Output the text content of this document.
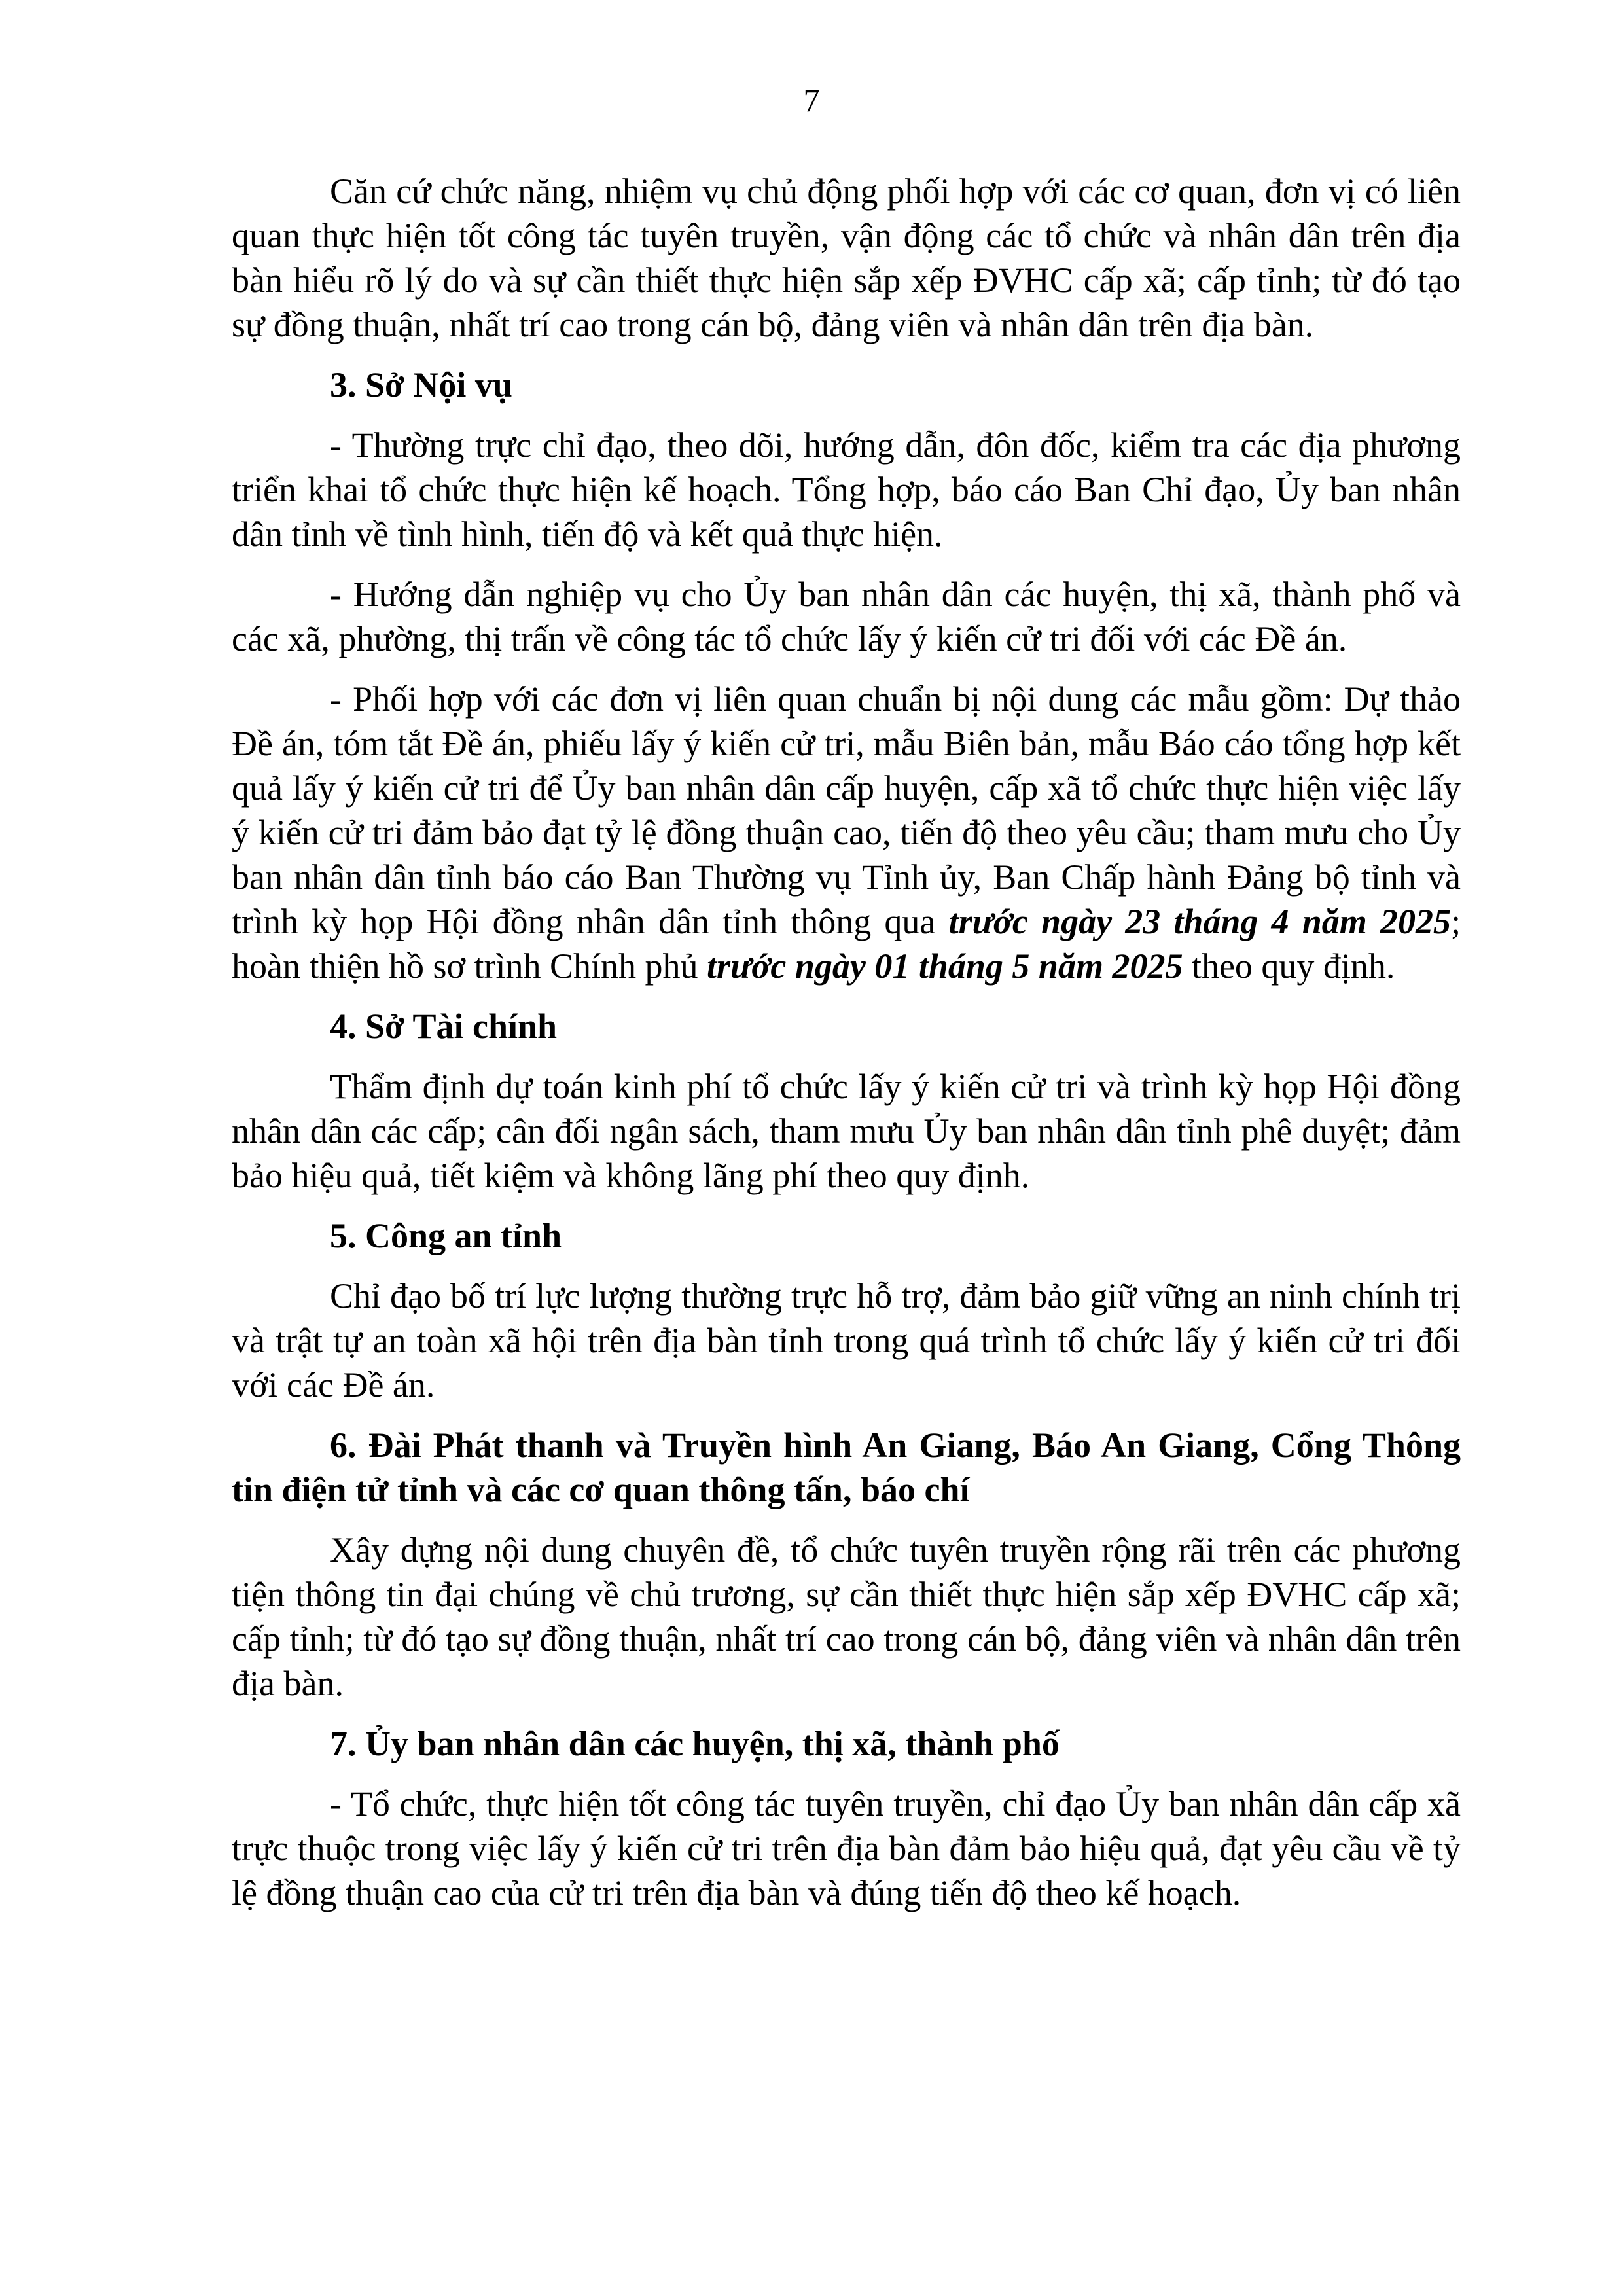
7

Căn cứ chức năng, nhiệm vụ chủ động phối hợp với các cơ quan, đơn vị có liên quan thực hiện tốt công tác tuyên truyền, vận động các tổ chức và nhân dân trên địa bàn hiểu rõ lý do và sự cần thiết thực hiện sắp xếp ĐVHC cấp xã; cấp tỉnh; từ đó tạo sự đồng thuận, nhất trí cao trong cán bộ, đảng viên và nhân dân trên địa bàn.

3. Sở Nội vụ

- Thường trực chỉ đạo, theo dõi, hướng dẫn, đôn đốc, kiểm tra các địa phương triển khai tổ chức thực hiện kế hoạch. Tổng hợp, báo cáo Ban Chỉ đạo, Ủy ban nhân dân tỉnh về tình hình, tiến độ và kết quả thực hiện.

- Hướng dẫn nghiệp vụ cho Ủy ban nhân dân các huyện, thị xã, thành phố và các xã, phường, thị trấn về công tác tổ chức lấy ý kiến cử tri đối với các Đề án.

- Phối hợp với các đơn vị liên quan chuẩn bị nội dung các mẫu gồm: Dự thảo Đề án, tóm tắt Đề án, phiếu lấy ý kiến cử tri, mẫu Biên bản, mẫu Báo cáo tổng hợp kết quả lấy ý kiến cử tri để Ủy ban nhân dân cấp huyện, cấp xã tổ chức thực hiện việc lấy ý kiến cử tri đảm bảo đạt tỷ lệ đồng thuận cao, tiến độ theo yêu cầu; tham mưu cho Ủy ban nhân dân tỉnh báo cáo Ban Thường vụ Tỉnh ủy, Ban Chấp hành Đảng bộ tỉnh và trình kỳ họp Hội đồng nhân dân tỉnh thông qua trước ngày 23 tháng 4 năm 2025; hoàn thiện hồ sơ trình Chính phủ trước ngày 01 tháng 5 năm 2025 theo quy định.

4. Sở Tài chính

Thẩm định dự toán kinh phí tổ chức lấy ý kiến cử tri và trình kỳ họp Hội đồng nhân dân các cấp; cân đối ngân sách, tham mưu Ủy ban nhân dân tỉnh phê duyệt; đảm bảo hiệu quả, tiết kiệm và không lãng phí theo quy định.

5. Công an tỉnh

Chỉ đạo bố trí lực lượng thường trực hỗ trợ, đảm bảo giữ vững an ninh chính trị và trật tự an toàn xã hội trên địa bàn tỉnh trong quá trình tổ chức lấy ý kiến cử tri đối với các Đề án.

6. Đài Phát thanh và Truyền hình An Giang, Báo An Giang, Cổng Thông tin điện tử tỉnh và các cơ quan thông tấn, báo chí

Xây dựng nội dung chuyên đề, tổ chức tuyên truyền rộng rãi trên các phương tiện thông tin đại chúng về chủ trương, sự cần thiết thực hiện sắp xếp ĐVHC cấp xã; cấp tỉnh; từ đó tạo sự đồng thuận, nhất trí cao trong cán bộ, đảng viên và nhân dân trên địa bàn.

7. Ủy ban nhân dân các huyện, thị xã, thành phố

- Tổ chức, thực hiện tốt công tác tuyên truyền, chỉ đạo Ủy ban nhân dân cấp xã trực thuộc trong việc lấy ý kiến cử tri trên địa bàn đảm bảo hiệu quả, đạt yêu cầu về tỷ lệ đồng thuận cao của cử tri trên địa bàn và đúng tiến độ theo kế hoạch.
